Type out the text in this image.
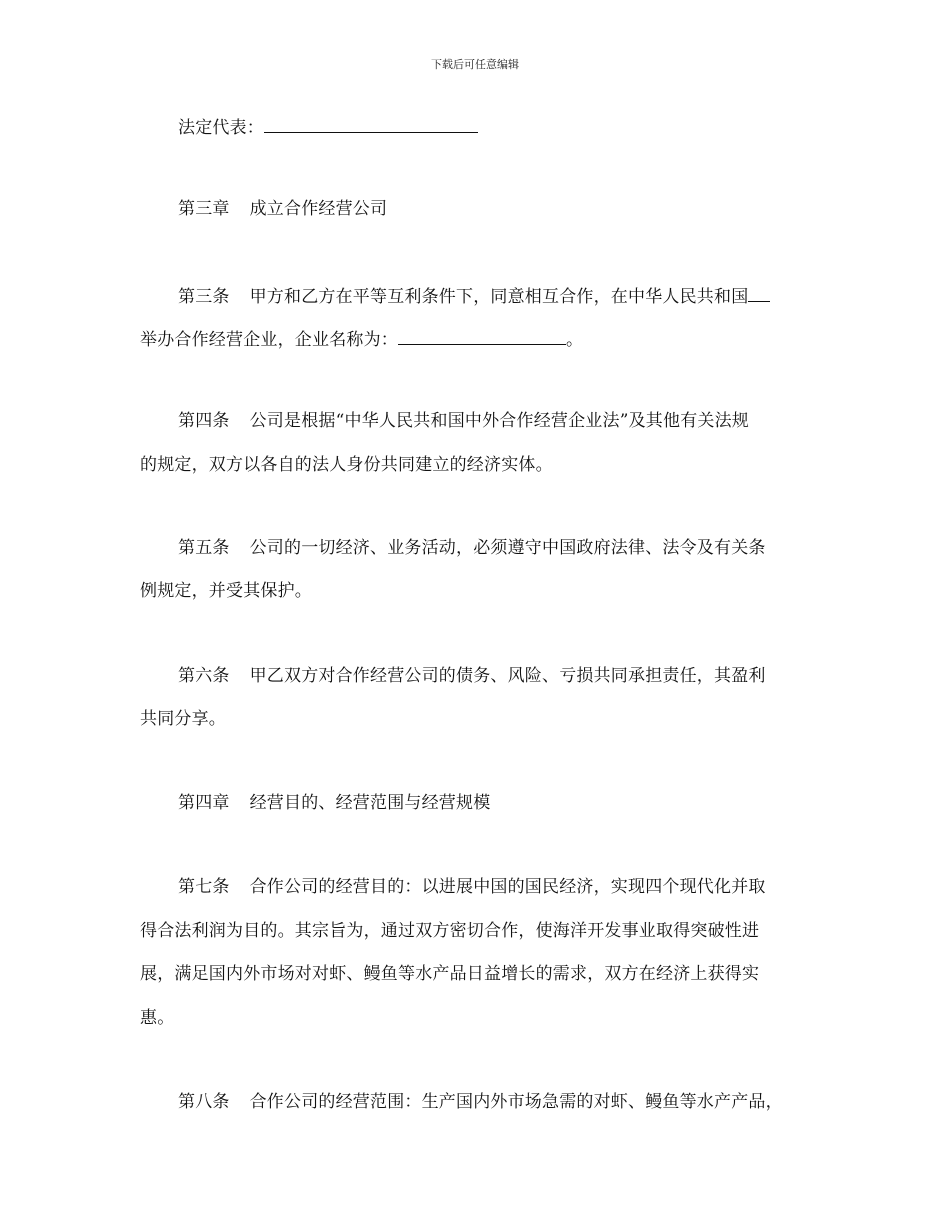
下载后可任意编辑
法定代表：
第三章 成立合作经营公司
第三条 甲方和乙方在平等互利条件下，同意相互合作，在中华人民共和国
举办合作经营企业，企业名称为：	。
第四条 公司是根据“中华人民共和国中外合作经营企业法”及其他有关法规
的规定，双方以各自的法人身份共同建立的经济实体。
第五条 公司的一切经济、业务活动，必须遵守中国政府法律、法令及有关条
例规定，并受其保护。
第六条 甲乙双方对合作经营公司的债务、风险、亏损共同承担责任，其盈利
共同分享。
第四章 经营目的、经营范围与经营规模
第七条 合作公司的经营目的：以进展中国的国民经济，实现四个现代化并取
得合法利润为目的。其宗旨为，通过双方密切合作，使海洋开发事业取得突破性进
展，满足国内外市场对对虾、鳗鱼等水产品日益增长的需求，双方在经济上获得实
惠。
第八条 合作公司的经营范围：生产国内外市场急需的对虾、鳗鱼等水产产品，
